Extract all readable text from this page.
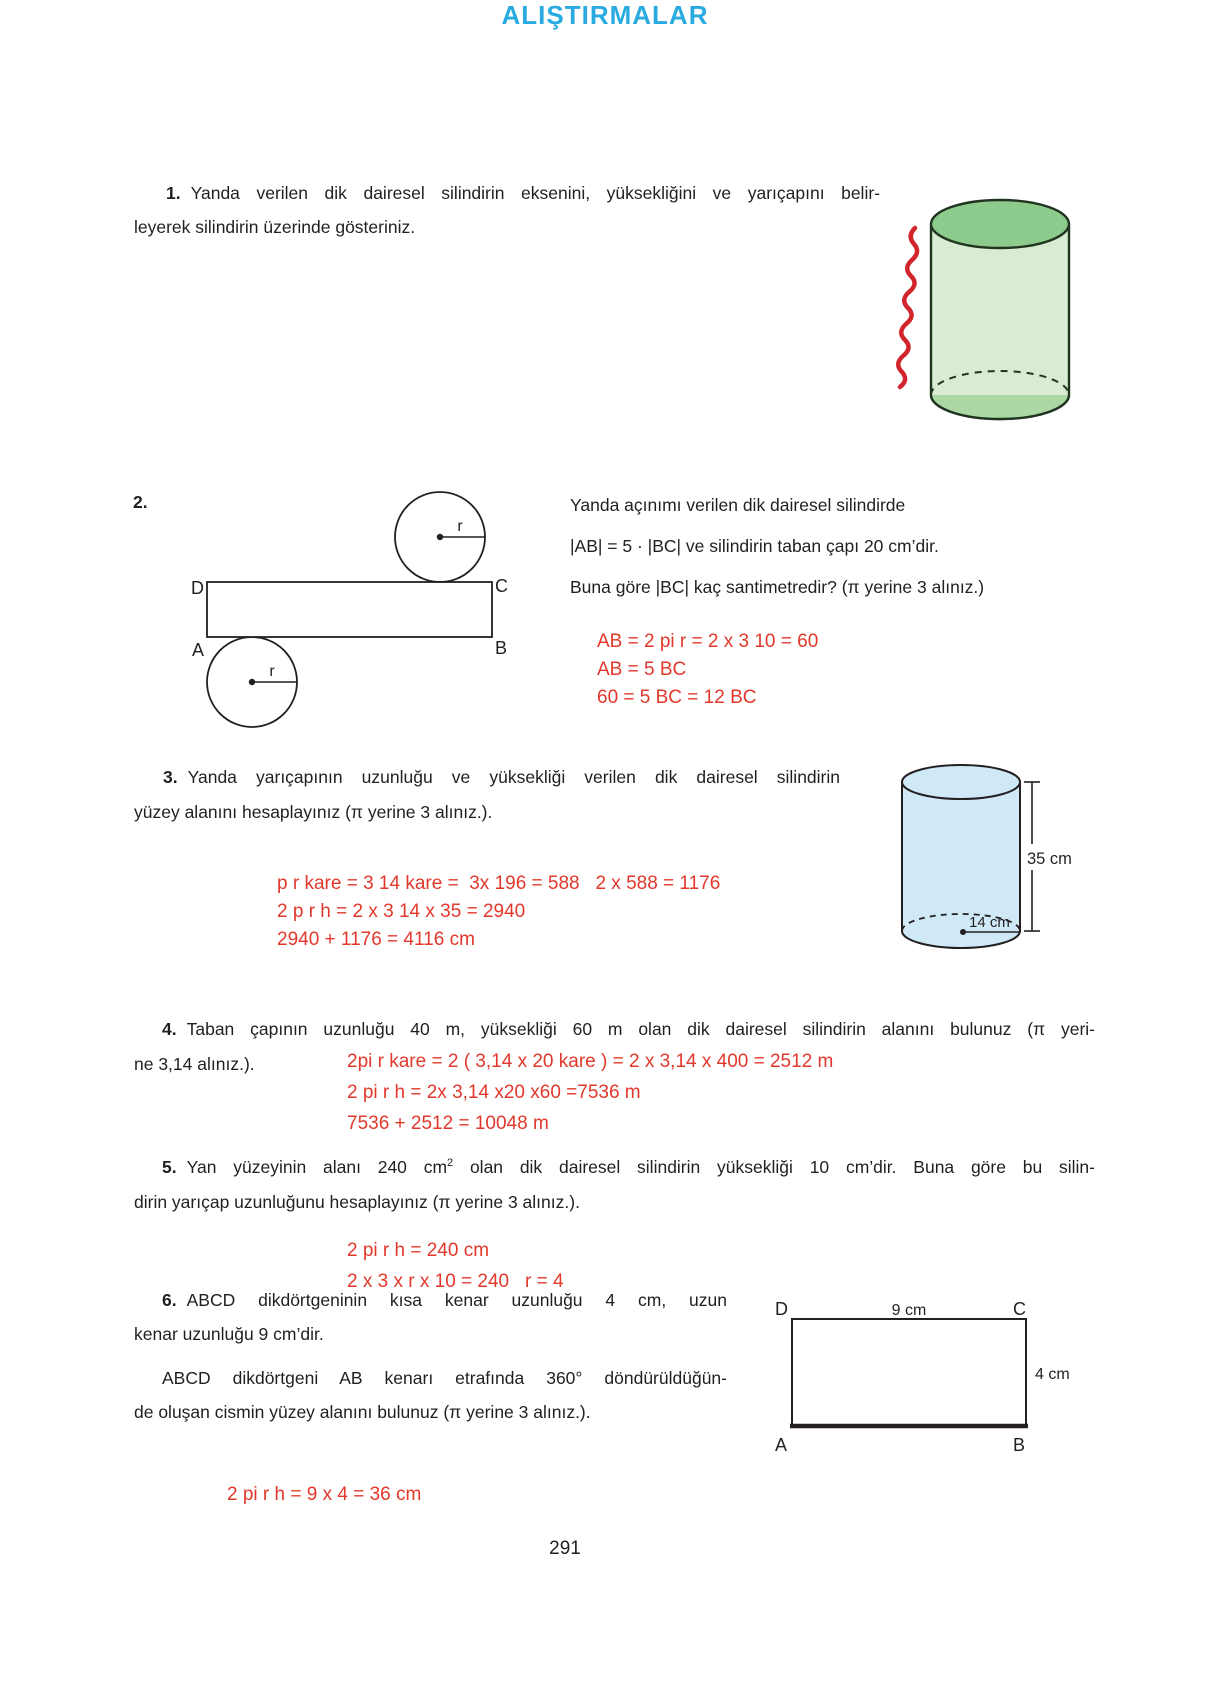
ALIŞTIRMALAR
1. Yanda verilen dik dairesel silindirin eksenini, yüksekliğini ve yarıçapını belir-
leyerek silindirin üzerinde gösteriniz.
2.
r
r
D	C
A	B
Yanda açınımı verilen dik dairesel silindirde
|AB| = 5 · |BC| ve silindirin taban çapı 20 cm’dir.
Buna göre |BC| kaç santimetredir? (π yerine 3 alınız.)
AB = 2 pi r = 2 x 3 10 = 60
AB = 5 BC
60 = 5 BC = 12 BC
3. Yanda yarıçapının uzunluğu ve yüksekliği verilen dik dairesel silindirin
yüzey alanını hesaplayınız (π yerine 3 alınız.).
p r kare = 3 14 kare =  3x 196 = 588   2 x 588 = 1176
2 p r h = 2 x 3 14 x 35 = 2940
2940 + 1176 = 4116 cm
14 cm
35 cm
4. Taban çapının uzunluğu 40 m, yüksekliği 60 m olan dik dairesel silindirin alanını bulunuz (π yeri-
ne 3,14 alınız.).	2pi r kare = 2 ( 3,14 x 20 kare ) = 2 x 3,14 x 400 = 2512 m
2 pi r h = 2x 3,14 x20 x60 =7536 m
7536 + 2512 = 10048 m
5. Yan yüzeyinin alanı 240 $cm^2$ olan dik dairesel silindirin yüksekliği 10 cm’dir. Buna göre bu silin-
dirin yarıçap uzunluğunu hesaplayınız (π yerine 3 alınız.).
2 pi r h = 240 cm
2 x 3 x r x 10 = 240   r = 4
6. ABCD dikdörtgeninin kısa kenar uzunluğu 4 cm, uzun
kenar uzunluğu 9 cm’dir.
ABCD dikdörtgeni AB kenarı etrafında 360° döndürüldüğün-
de oluşan cismin yüzey alanını bulunuz (π yerine 3 alınız.).
D	C
A	B
9 cm
4 cm
2 pi r h = 9 x 4 = 36 cm
291
